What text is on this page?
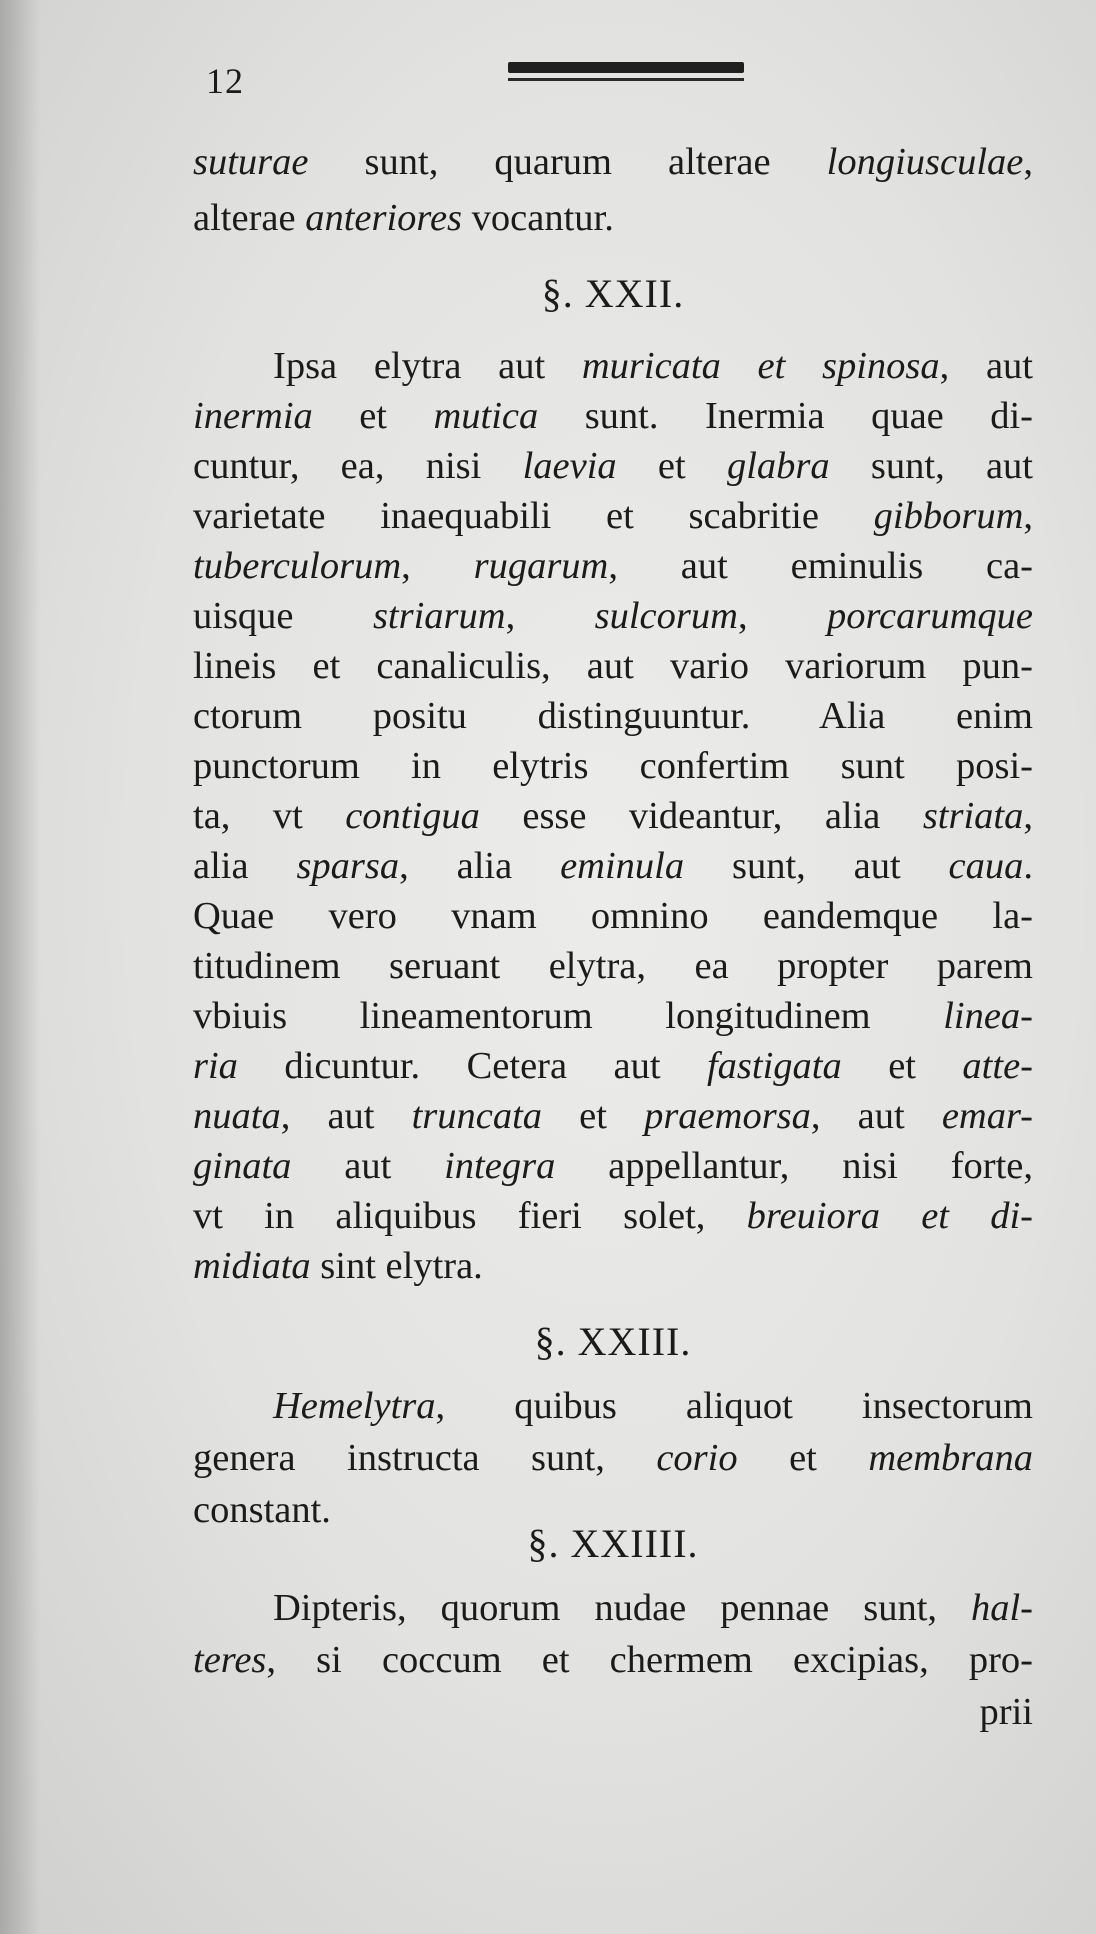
12
suturae sunt, quarum alterae longiusculae,
alterae anteriores vocantur.
§. XXII.
Ipsa elytra aut muricata et spinosa, aut
inermia et mutica sunt. Inermia quae di-
cuntur, ea, nisi laevia et glabra sunt, aut
varietate inaequabili et scabritie gibborum,
tuberculorum, rugarum, aut eminulis ca-
uisque striarum, sulcorum, porcarumque
lineis et canaliculis, aut vario variorum pun-
ctorum positu distinguuntur. Alia enim
punctorum in elytris confertim sunt posi-
ta, vt contigua esse videantur, alia striata,
alia sparsa, alia eminula sunt, aut caua.
Quae vero vnam omnino eandemque la-
titudinem seruant elytra, ea propter parem
vbiuis lineamentorum longitudinem linea-
ria dicuntur. Cetera aut fastigata et atte-
nuata, aut truncata et praemorsa, aut emar-
ginata aut integra appellantur, nisi forte,
vt in aliquibus fieri solet, breuiora et di-
midiata sint elytra.
§. XXIII.
Hemelytra, quibus aliquot insectorum
genera instructa sunt, corio et membrana
constant.
§. XXIIII.
Dipteris, quorum nudae pennae sunt, hal-
teres, si coccum et chermem excipias, pro-
prii
